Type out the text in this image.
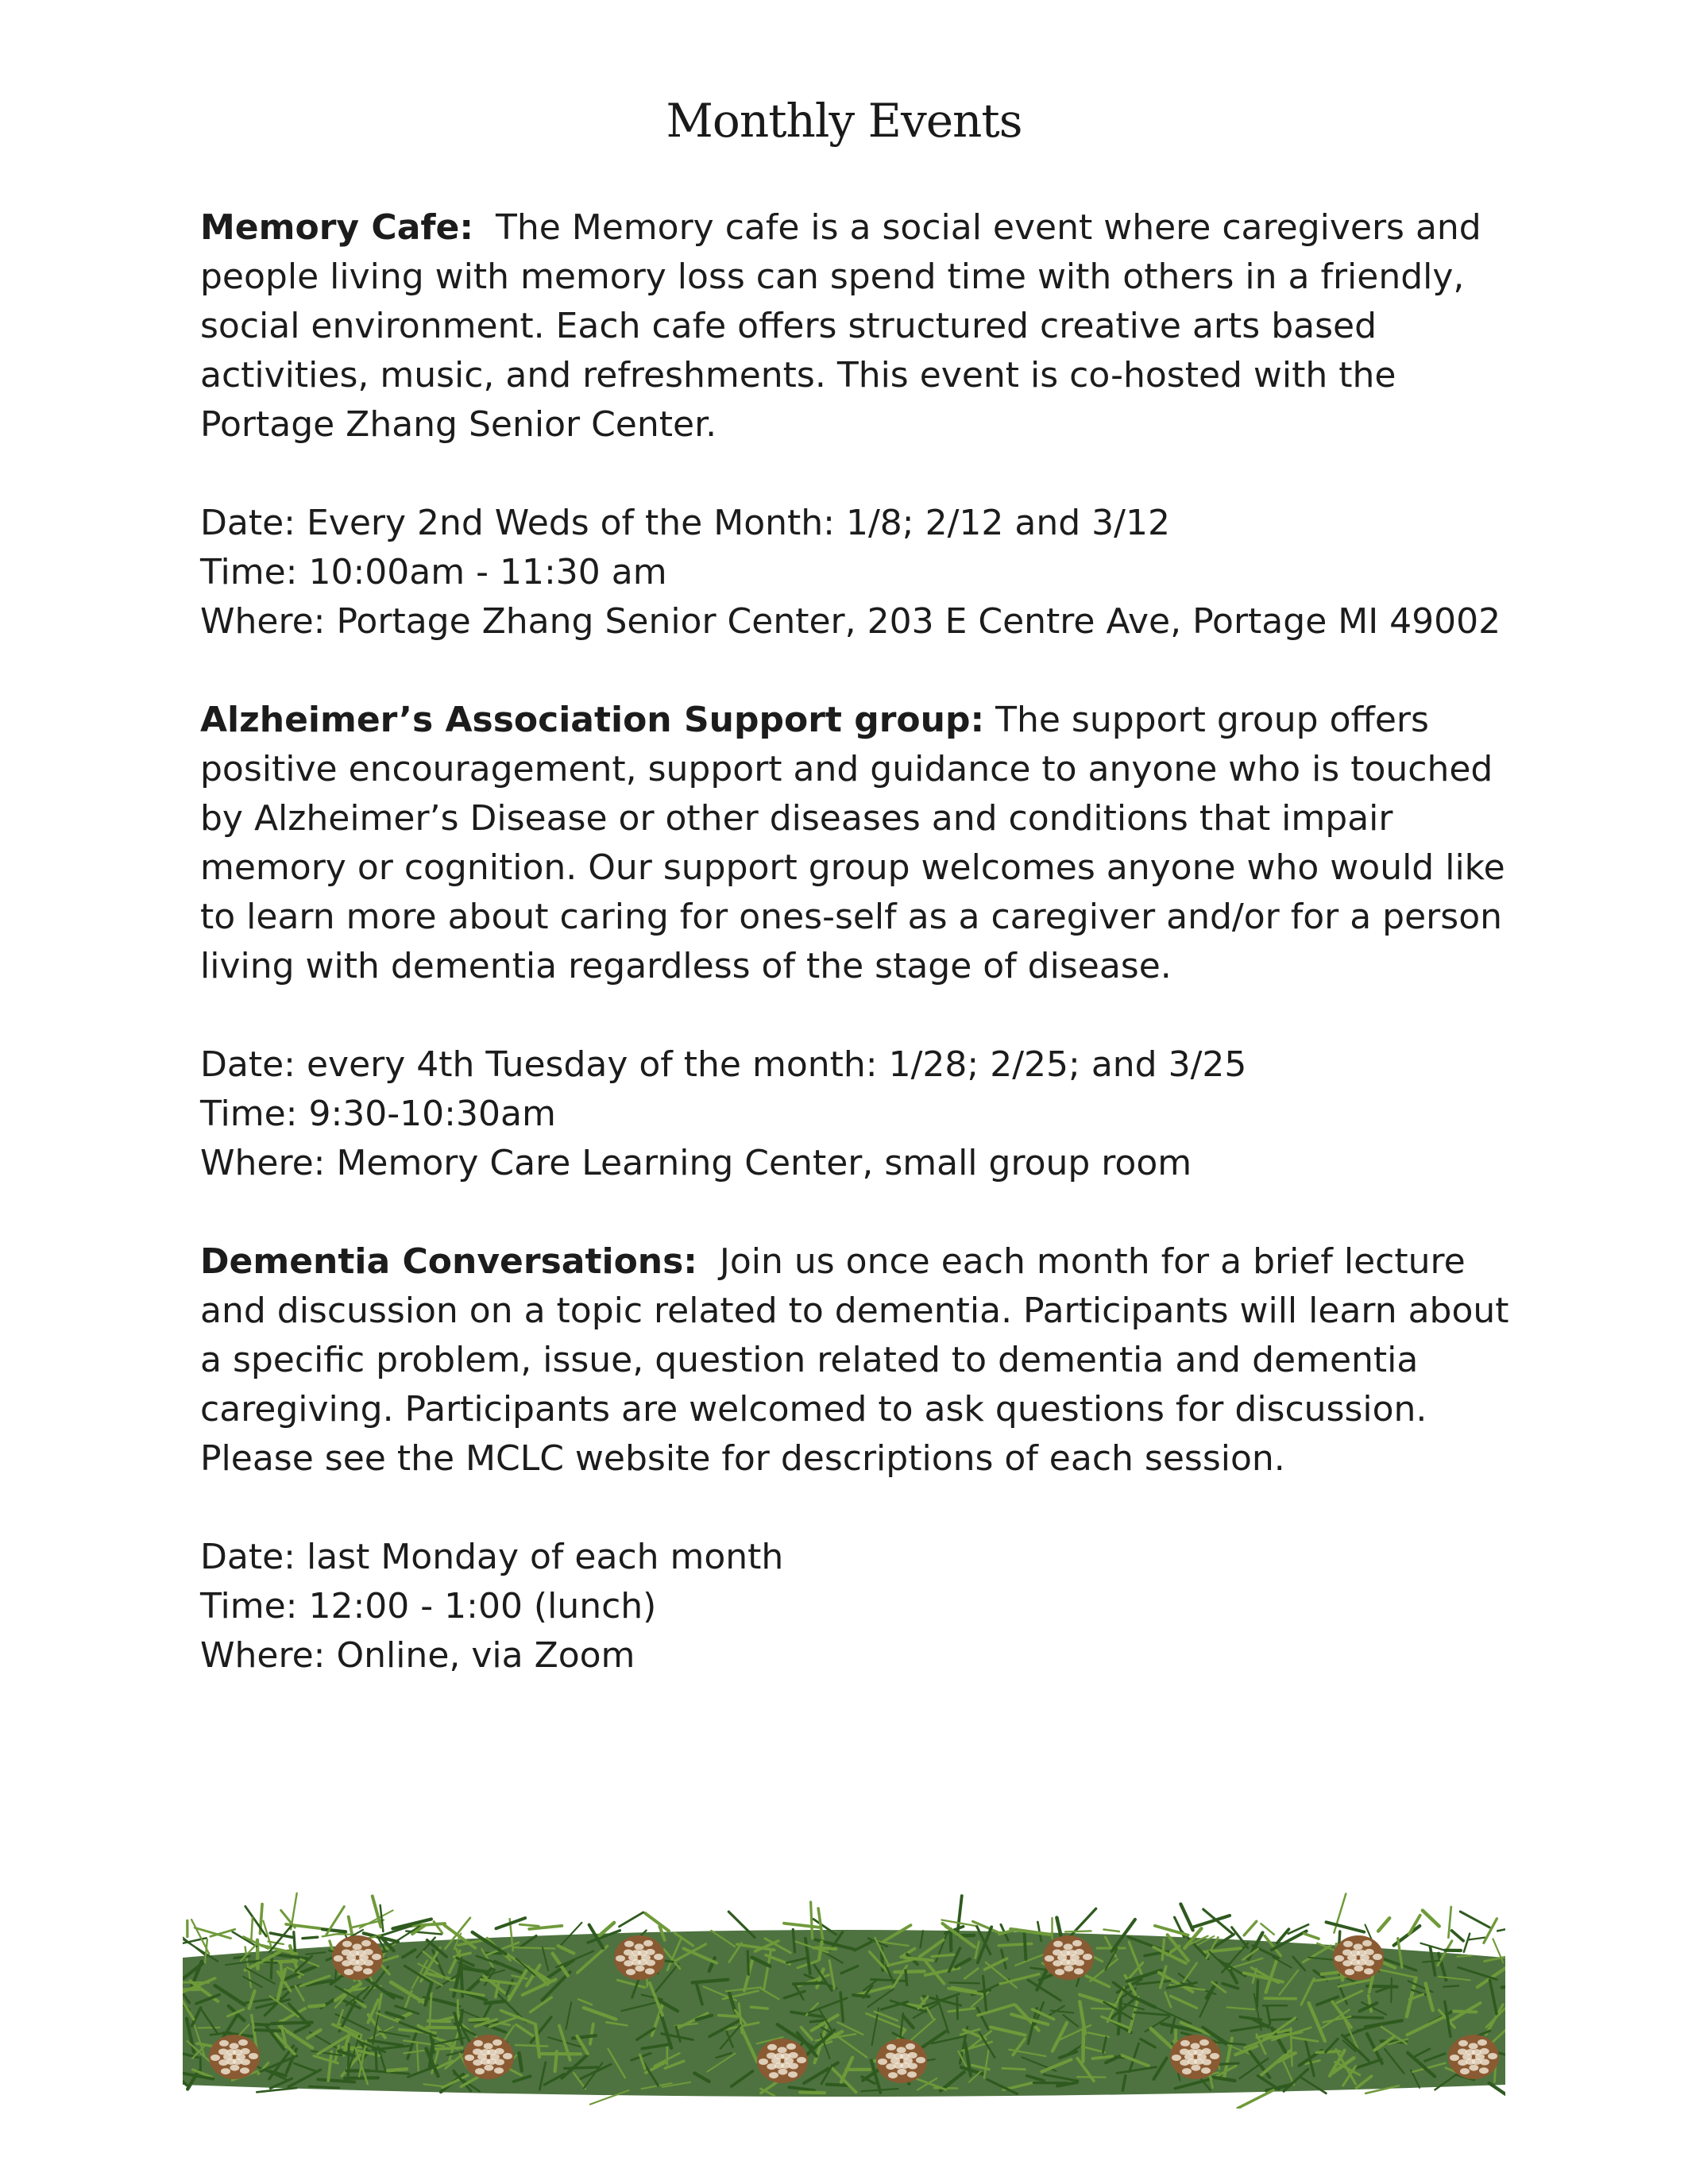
Monthly Events

Memory Cafe: The Memory cafe is a social event where caregivers and people living with memory loss can spend time with others in a friendly, social environment. Each cafe offers structured creative arts based activities, music, and refreshments. This event is co-hosted with the Portage Zhang Senior Center.

Date: Every 2nd Weds of the Month: 1/8; 2/12 and 3/12
Time: 10:00am - 11:30 am
Where: Portage Zhang Senior Center, 203 E Centre Ave, Portage MI 49002

Alzheimer’s Association Support group: The support group offers positive encouragement, support and guidance to anyone who is touched by Alzheimer’s Disease or other diseases and conditions that impair memory or cognition. Our support group welcomes anyone who would like to learn more about caring for ones-self as a caregiver and/or for a person living with dementia regardless of the stage of disease.

Date: every 4th Tuesday of the month: 1/28; 2/25; and 3/25
Time: 9:30-10:30am
Where: Memory Care Learning Center, small group room

Dementia Conversations: Join us once each month for a brief lecture and discussion on a topic related to dementia. Participants will learn about a specific problem, issue, question related to dementia and dementia caregiving. Participants are welcomed to ask questions for discussion. Please see the MCLC website for descriptions of each session.

Date: last Monday of each month
Time: 12:00 - 1:00 (lunch)
Where: Online, via Zoom
